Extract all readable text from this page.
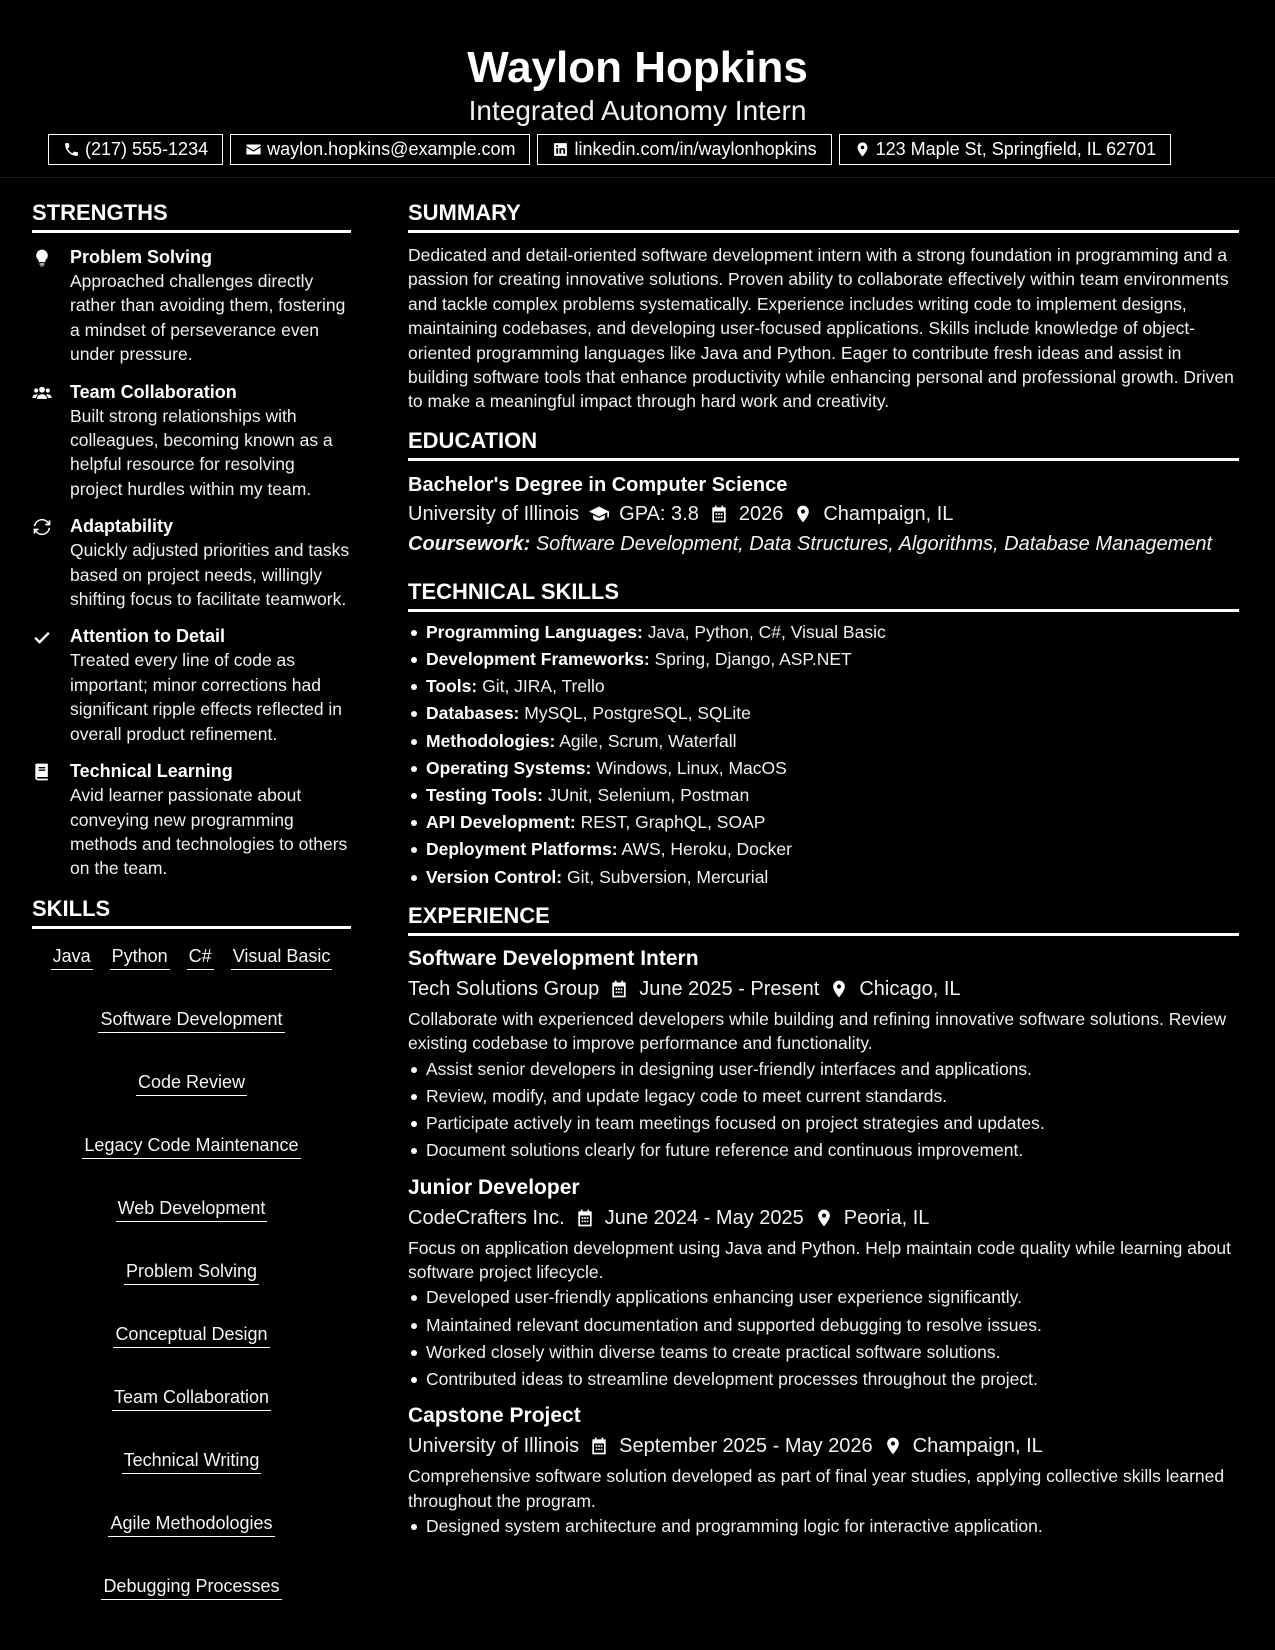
Waylon Hopkins
Integrated Autonomy Intern
(217) 555-1234	waylon.hopkins@example.com	linkedin.com/in/waylonhopkins	123 Maple St, Springfield, IL 62701
STRENGTHS
Problem Solving
Approached challenges directly rather than avoiding them, fostering a mindset of perseverance even under pressure.
Team Collaboration
Built strong relationships with colleagues, becoming known as a helpful resource for resolving project hurdles within my team.
Adaptability
Quickly adjusted priorities and tasks based on project needs, willingly shifting focus to facilitate teamwork.
Attention to Detail
Treated every line of code as important; minor corrections had significant ripple effects reflected in overall product refinement.
Technical Learning
Avid learner passionate about conveying new programming methods and technologies to others on the team.
SKILLS
Java Python C# Visual Basic
Software Development
Code Review
Legacy Code Maintenance
Web Development
Problem Solving
Conceptual Design
Team Collaboration
Technical Writing
Agile Methodologies
Debugging Processes
SUMMARY
Dedicated and detail-oriented software development intern with a strong foundation in programming and a passion for creating innovative solutions. Proven ability to collaborate effectively within team environments and tackle complex problems systematically. Experience includes writing code to implement designs, maintaining codebases, and developing user-focused applications. Skills include knowledge of object-oriented programming languages like Java and Python. Eager to contribute fresh ideas and assist in building software tools that enhance productivity while enhancing personal and professional growth. Driven to make a meaningful impact through hard work and creativity.
EDUCATION
Bachelor's Degree in Computer Science
University of Illinois GPA: 3.8 2026 Champaign, IL
Coursework: Software Development, Data Structures, Algorithms, Database Management
TECHNICAL SKILLS
Programming Languages: Java, Python, C#, Visual Basic
Development Frameworks: Spring, Django, ASP.NET
Tools: Git, JIRA, Trello
Databases: MySQL, PostgreSQL, SQLite
Methodologies: Agile, Scrum, Waterfall
Operating Systems: Windows, Linux, MacOS
Testing Tools: JUnit, Selenium, Postman
API Development: REST, GraphQL, SOAP
Deployment Platforms: AWS, Heroku, Docker
Version Control: Git, Subversion, Mercurial
EXPERIENCE
Software Development Intern
Tech Solutions Group June 2025 - Present Chicago, IL
Collaborate with experienced developers while building and refining innovative software solutions. Review existing codebase to improve performance and functionality.
Assist senior developers in designing user-friendly interfaces and applications.
Review, modify, and update legacy code to meet current standards.
Participate actively in team meetings focused on project strategies and updates.
Document solutions clearly for future reference and continuous improvement.
Junior Developer
CodeCrafters Inc. June 2024 - May 2025 Peoria, IL
Focus on application development using Java and Python. Help maintain code quality while learning about software project lifecycle.
Developed user-friendly applications enhancing user experience significantly.
Maintained relevant documentation and supported debugging to resolve issues.
Worked closely within diverse teams to create practical software solutions.
Contributed ideas to streamline development processes throughout the project.
Capstone Project
University of Illinois September 2025 - May 2026 Champaign, IL
Comprehensive software solution developed as part of final year studies, applying collective skills learned throughout the program.
Designed system architecture and programming logic for interactive application.
